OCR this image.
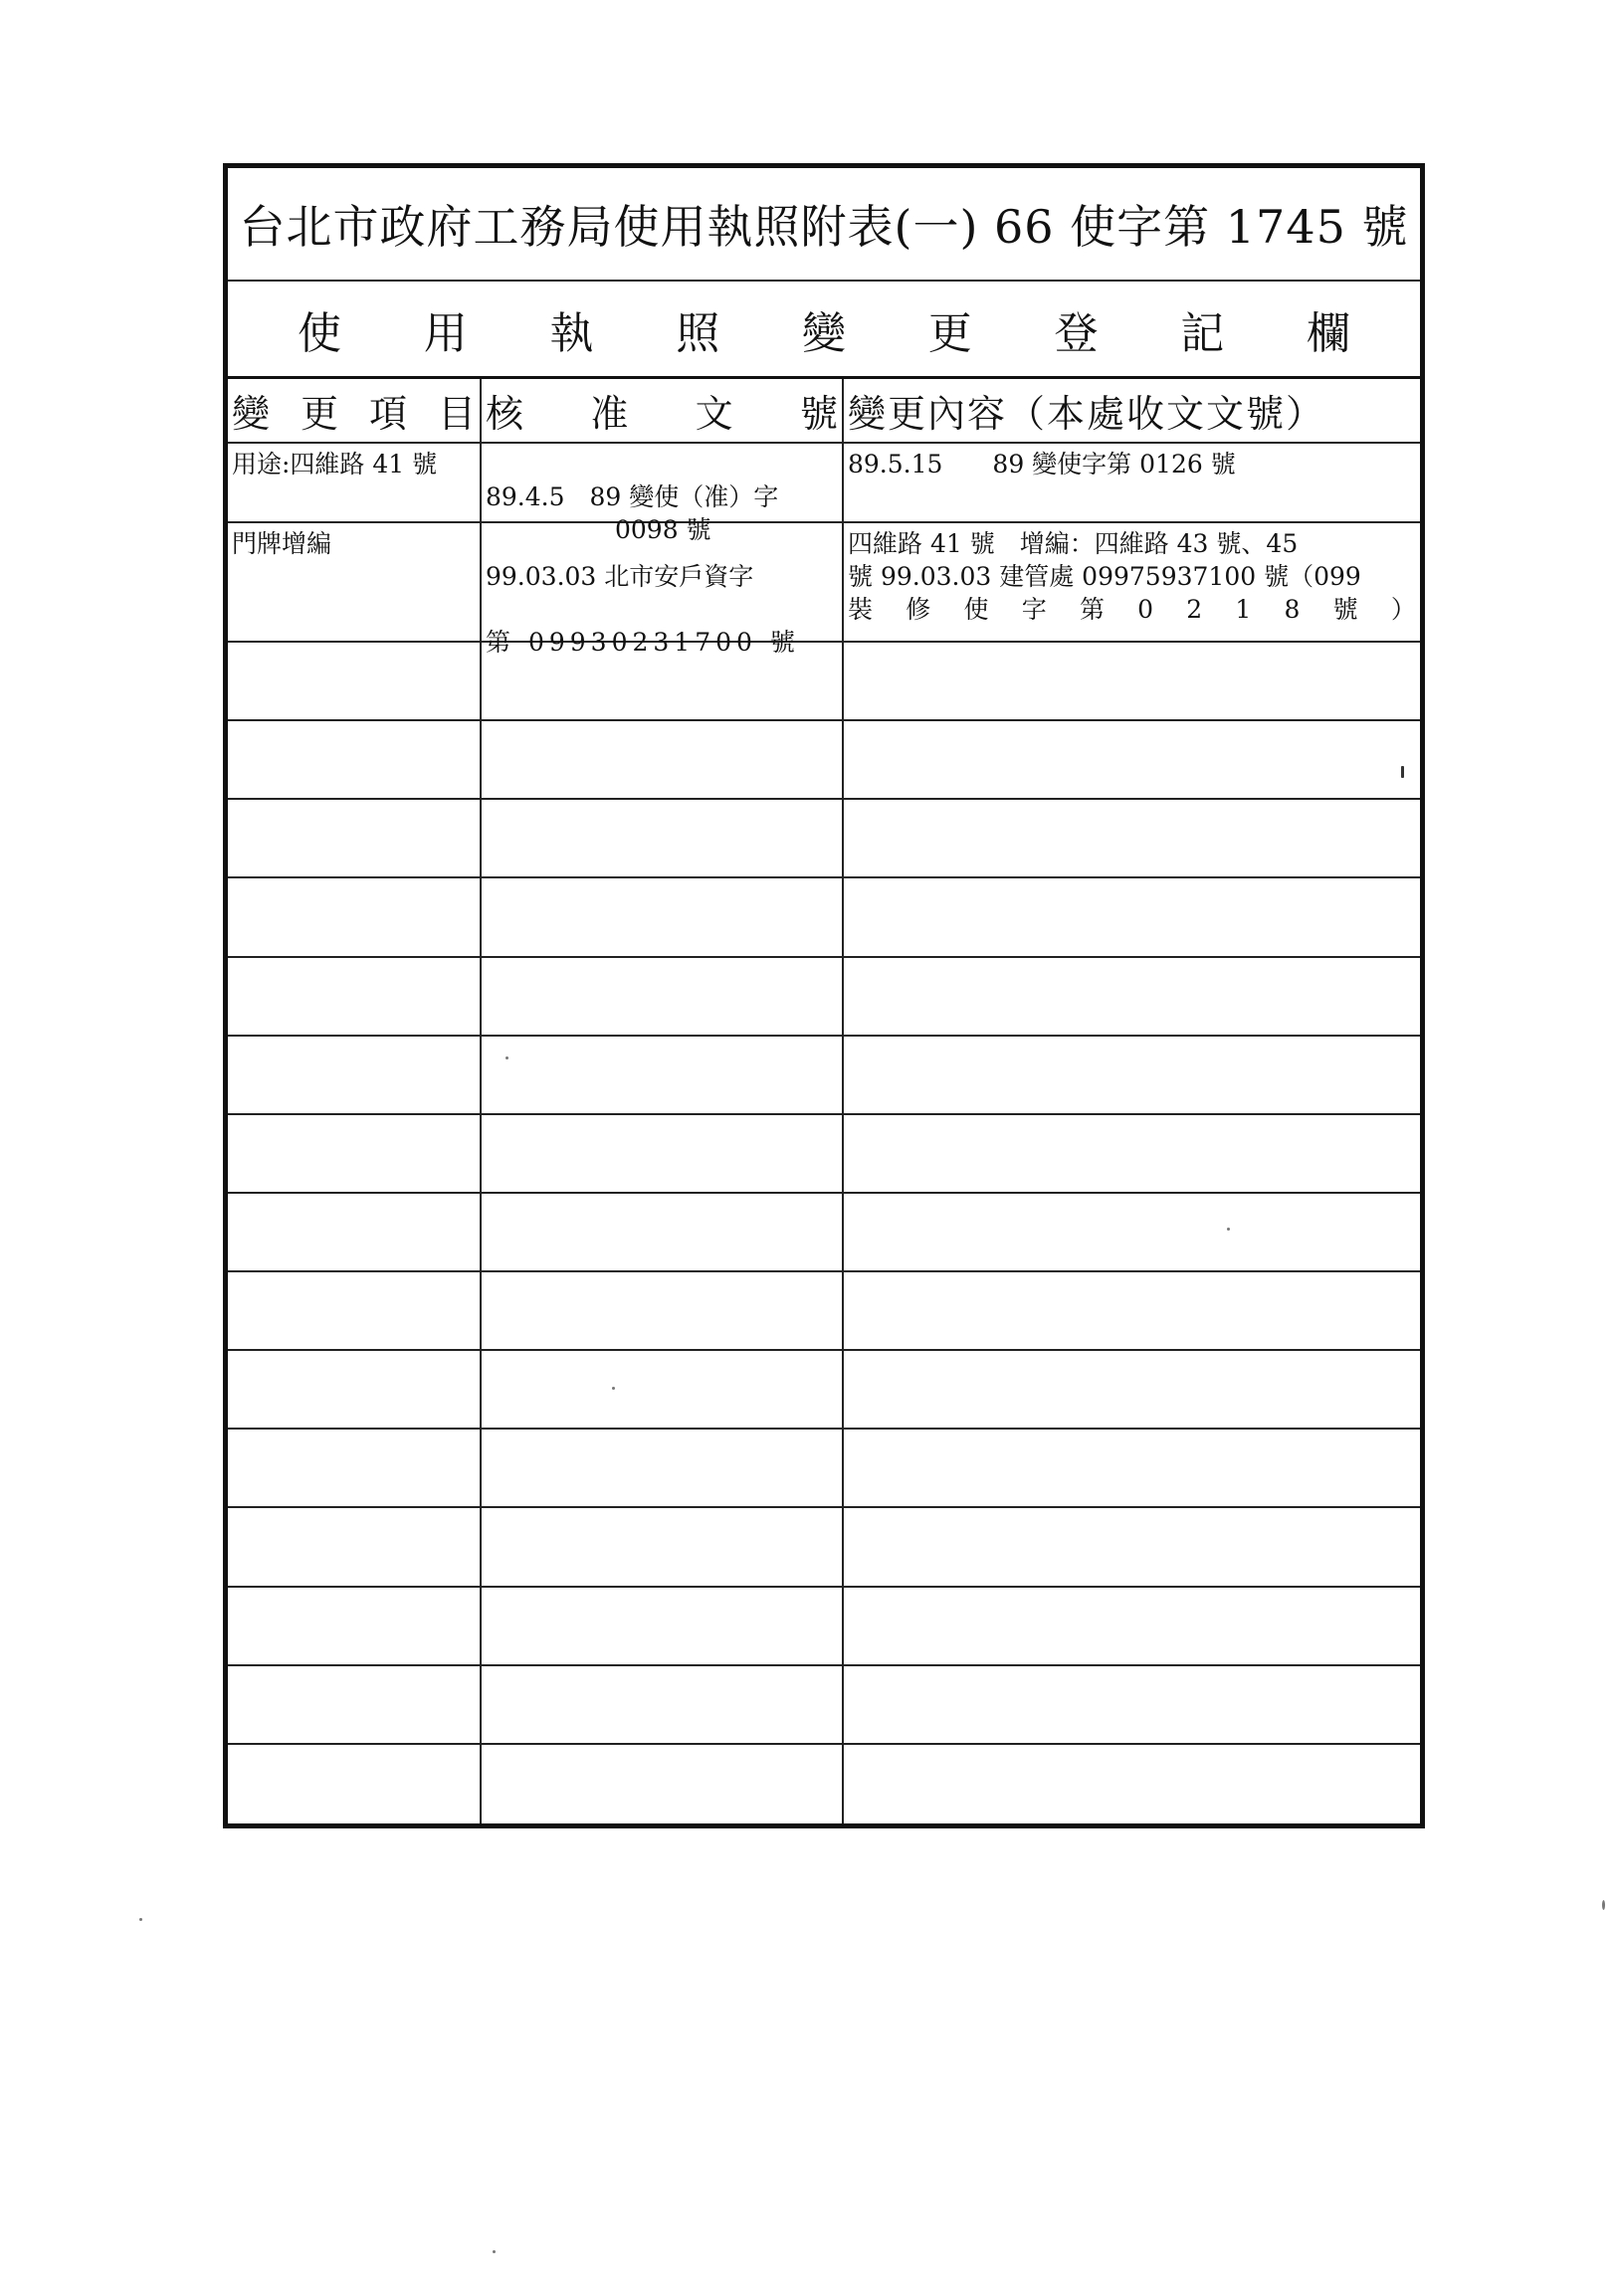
台北市政府工務局使用執照附表(一) 66 使字第 1745 號
使 用 執 照 變 更 登 記 欄
變 更 項 目 核 准 文 號 變更內容（本處收文文號）
用途:四維路 41 號

89.4.5　89 變使（准）字

0098 號

89.5.15　　89 變使字第 0126 號
門牌增編

99.03.03 北市安戶資字

第 09930231700 號

四維路 41 號　增編：四維路 43 號、45
號 99.03.03 建管處 09975937100 號（099
裝 修 使 字 第 0 2 1 8 號 ）
